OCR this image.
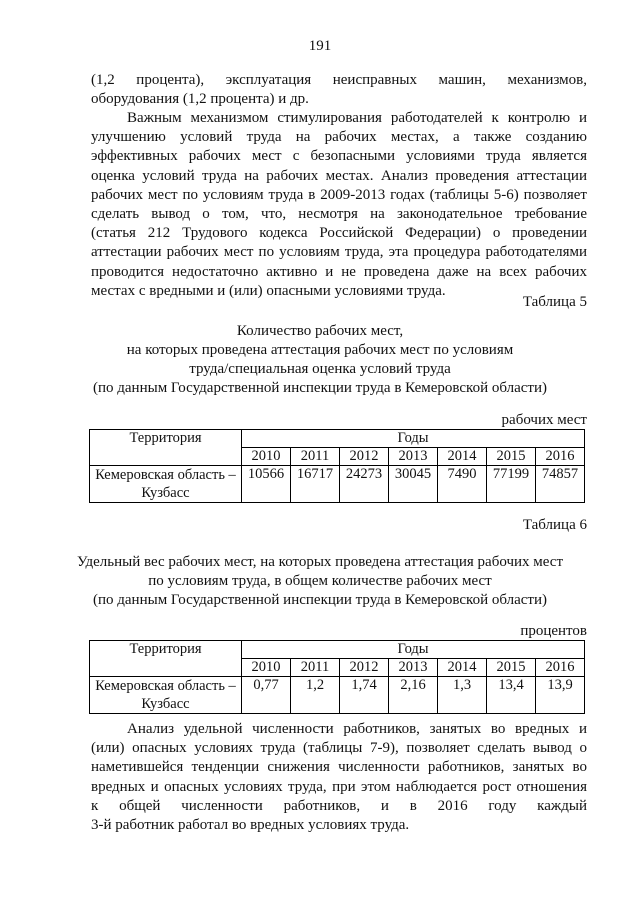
191

(1,2 процента), эксплуатация неисправных машин, механизмов,
оборудования (1,2 процента) и др.

Важным механизмом стимулирования работодателей к контролю и
улучшению условий труда на рабочих местах, а также созданию
эффективных рабочих мест с безопасными условиями труда является
оценка условий труда на рабочих местах. Анализ проведения аттестации
рабочих мест по условиям труда в 2009-2013 годах (таблицы 5-6) позволяет
сделать вывод о том, что, несмотря на законодательное требование
(статья 212 Трудового кодекса Российской Федерации) о проведении
аттестации рабочих мест по условиям труда, эта процедура работодателями
проводится недостаточно активно и не проведена даже на всех рабочих
местах с вредными и (или) опасными условиями труда.

Таблица 5
Количество рабочих мест,
на которых проведена аттестация рабочих мест по условиям
труда/специальная оценка условий труда
(по данным Государственной инспекции труда в Кемеровской области)
рабочих мест
Территория	Годы						
	2010	2011	2012	2013	2014	2015	2016
Кемеровская область –
Кузбасс	10566	16717	24273	30045	7490	77199	74857
Таблица 6
Удельный вес рабочих мест, на которых проведена аттестация рабочих мест
по условиям труда, в общем количестве рабочих мест
(по данным Государственной инспекции труда в Кемеровской области)
процентов
Территория	Годы						
	2010	2011	2012	2013	2014	2015	2016
Кемеровская область –
Кузбасс	0,77	1,2	1,74	2,16	1,3	13,4	13,9

Анализ удельной численности работников, занятых во вредных и
(или) опасных условиях труда (таблицы 7-9), позволяет сделать вывод о
наметившейся тенденции снижения численности работников, занятых во
вредных и опасных условиях труда, при этом наблюдается рост отношения
к общей численности работников, и в 2016 году каждый
3-й работник работал во вредных условиях труда.
